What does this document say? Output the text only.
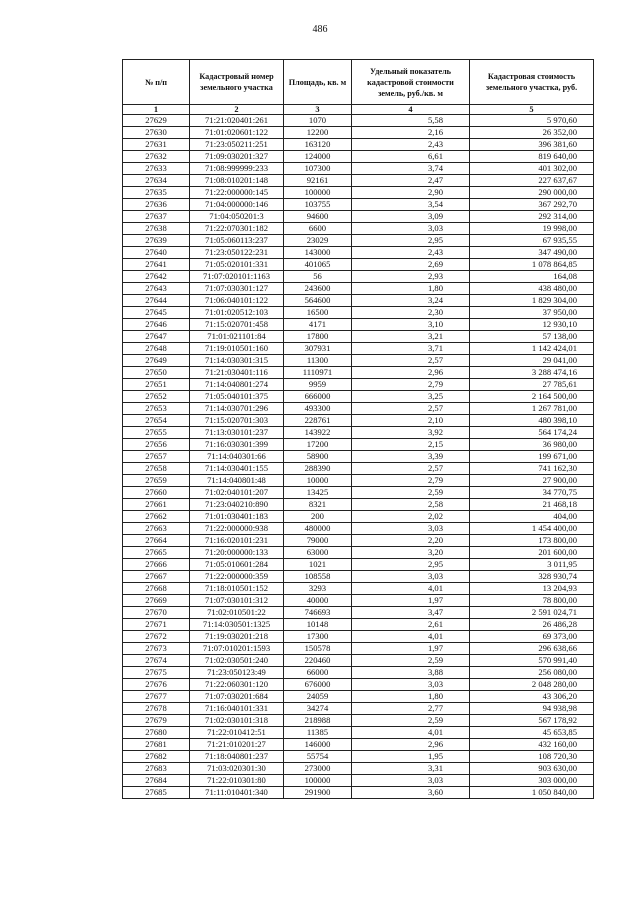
486
№ п/п	Кадастровый номер земельного участка	Площадь, кв. м	Удельный показатель кадастровой стоимости земель, руб./кв. м	Кадастровая стоимость земельного участка, руб.
1	2	3	4	5
27629	71:21:020401:261	1070	5,58	5 970,60
27630	71:01:020601:122	12200	2,16	26 352,00
27631	71:23:050211:251	163120	2,43	396 381,60
27632	71:09:030201:327	124000	6,61	819 640,00
27633	71:08:999999:233	107300	3,74	401 302,00
27634	71:08:010201:148	92161	2,47	227 637,67
27635	71:22:000000:145	100000	2,90	290 000,00
27636	71:04:000000:146	103755	3,54	367 292,70
27637	71:04:050201:3	94600	3,09	292 314,00
27638	71:22:070301:182	6600	3,03	19 998,00
27639	71:05:060113:237	23029	2,95	67 935,55
27640	71:23:050122:231	143000	2,43	347 490,00
27641	71:05:020101:331	401065	2,69	1 078 864,85
27642	71:07:020101:1163	56	2,93	164,08
27643	71:07:030301:127	243600	1,80	438 480,00
27644	71:06:040101:122	564600	3,24	1 829 304,00
27645	71:01:020512:103	16500	2,30	37 950,00
27646	71:15:020701:458	4171	3,10	12 930,10
27647	71:01:021101:84	17800	3,21	57 138,00
27648	71:19:010501:160	307931	3,71	1 142 424,01
27649	71:14:030301:315	11300	2,57	29 041,00
27650	71:21:030401:116	1110971	2,96	3 288 474,16
27651	71:14:040801:274	9959	2,79	27 785,61
27652	71:05:040101:375	666000	3,25	2 164 500,00
27653	71:14:030701:296	493300	2,57	1 267 781,00
27654	71:15:020701:303	228761	2,10	480 398,10
27655	71:13:030101:237	143922	3,92	564 174,24
27656	71:16:030301:399	17200	2,15	36 980,00
27657	71:14:040301:66	58900	3,39	199 671,00
27658	71:14:030401:155	288390	2,57	741 162,30
27659	71:14:040801:48	10000	2,79	27 900,00
27660	71:02:040101:207	13425	2,59	34 770,75
27661	71:23:040210:890	8321	2,58	21 468,18
27662	71:01:030401:183	200	2,02	404,00
27663	71:22:000000:938	480000	3,03	1 454 400,00
27664	71:16:020101:231	79000	2,20	173 800,00
27665	71:20:000000:133	63000	3,20	201 600,00
27666	71:05:010601:284	1021	2,95	3 011,95
27667	71:22:000000:359	108558	3,03	328 930,74
27668	71:18:010501:152	3293	4,01	13 204,93
27669	71:07:030101:312	40000	1,97	78 800,00
27670	71:02:010501:22	746693	3,47	2 591 024,71
27671	71:14:030501:1325	10148	2,61	26 486,28
27672	71:19:030201:218	17300	4,01	69 373,00
27673	71:07:010201:1593	150578	1,97	296 638,66
27674	71:02:030501:240	220460	2,59	570 991,40
27675	71:23:050123:49	66000	3,88	256 080,00
27676	71:22:060301:120	676000	3,03	2 048 280,00
27677	71:07:030201:684	24059	1,80	43 306,20
27678	71:16:040101:331	34274	2,77	94 938,98
27679	71:02:030101:318	218988	2,59	567 178,92
27680	71:22:010412:51	11385	4,01	45 653,85
27681	71:21:010201:27	146000	2,96	432 160,00
27682	71:18:040801:237	55754	1,95	108 720,30
27683	71:03:020301:30	273000	3,31	903 630,00
27684	71:22:010301:80	100000	3,03	303 000,00
27685	71:11:010401:340	291900	3,60	1 050 840,00
